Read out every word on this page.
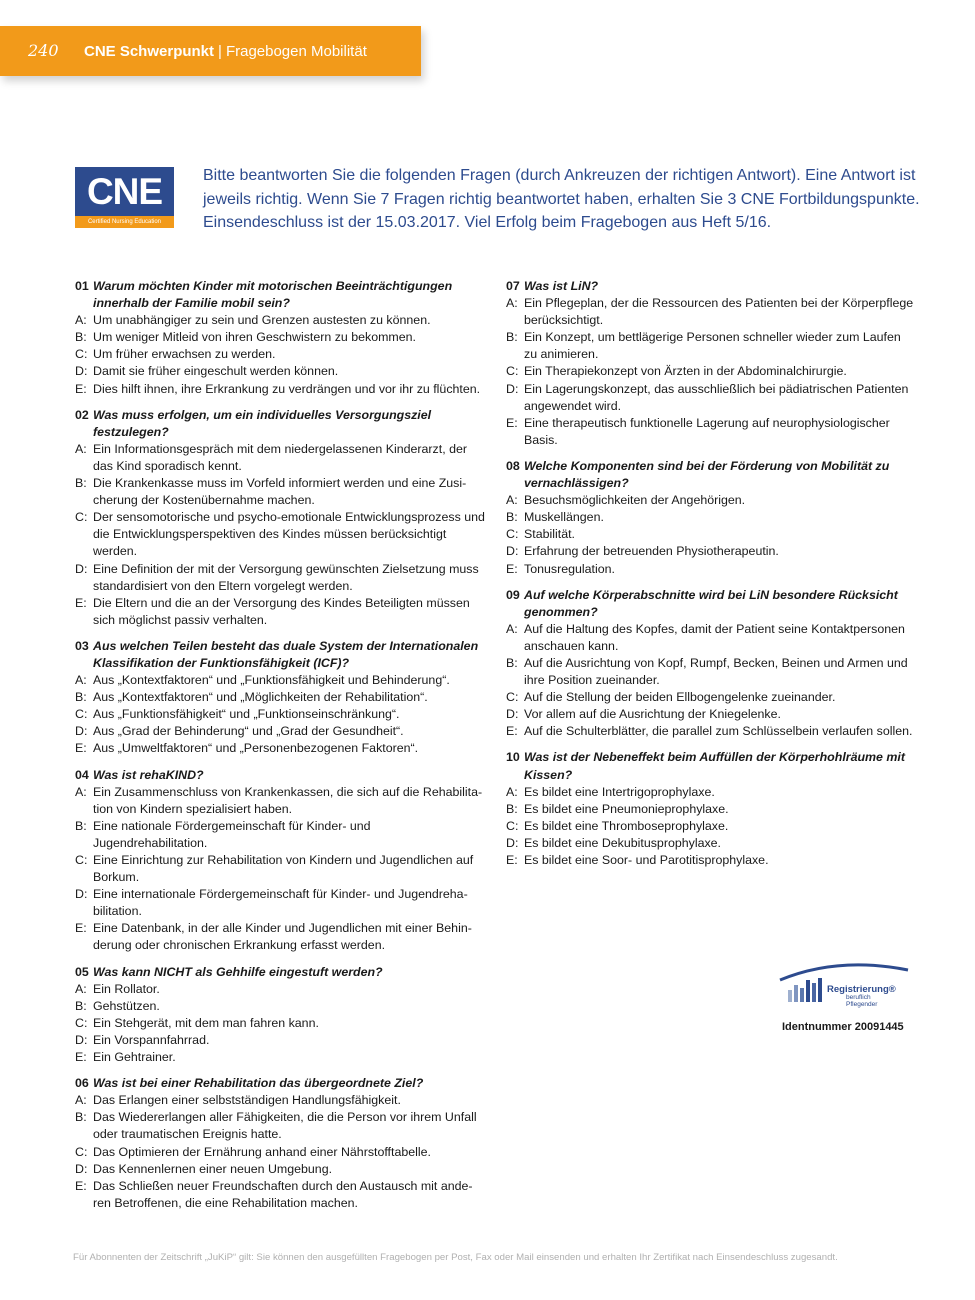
240 CNE Schwerpunkt | Fragebogen Mobilität
CNE
Certified Nursing Education
Bitte beantworten Sie die folgenden Fragen (durch Ankreuzen der richtigen Antwort). Eine Antwort ist jeweils richtig. Wenn Sie 7 Fragen richtig beantwortet haben, erhalten Sie 3 CNE Fortbildungspunkte. Einsendeschluss ist der 15.03.2017. Viel Erfolg beim Fragebogen aus Heft 5/16.
01 Warum möchten Kinder mit motorischen Beeinträchtigungen innerhalb der Familie mobil sein?
A: Um unabhängiger zu sein und Grenzen austesten zu können.
B: Um weniger Mitleid von ihren Geschwistern zu bekommen.
C: Um früher erwachsen zu werden.
D: Damit sie früher eingeschult werden können.
E: Dies hilft ihnen, ihre Erkrankung zu verdrängen und vor ihr zu flüchten.
02 Was muss erfolgen, um ein individuelles Versorgungsziel festzulegen?
A: Ein Informationsgespräch mit dem niedergelassenen Kinderarzt, der das Kind sporadisch kennt.
B: Die Krankenkasse muss im Vorfeld informiert werden und eine Zusicherung der Kostenübernahme machen.
C: Der sensomotorische und psycho-emotionale Entwicklungsprozess und die Entwicklungsperspektiven des Kindes müssen berücksichtigt werden.
D: Eine Definition der mit der Versorgung gewünschten Zielsetzung muss standardisiert von den Eltern vorgelegt werden.
E: Die Eltern und die an der Versorgung des Kindes Beteiligten müssen sich möglichst passiv verhalten.
03 Aus welchen Teilen besteht das duale System der Internationalen Klassifikation der Funktionsfähigkeit (ICF)?
A: Aus „Kontextfaktoren“ und „Funktionsfähigkeit und Behinderung“.
B: Aus „Kontextfaktoren“ und „Möglichkeiten der Rehabilitation“.
C: Aus „Funktionsfähigkeit“ und „Funktionseinschränkung“.
D: Aus „Grad der Behinderung“ und „Grad der Gesundheit“.
E: Aus „Umweltfaktoren“ und „Personenbezogenen Faktoren“.
04 Was ist rehaKIND?
A: Ein Zusammenschluss von Krankenkassen, die sich auf die Rehabilitation von Kindern spezialisiert haben.
B: Eine nationale Fördergemeinschaft für Kinder- und Jugendrehabilitation.
C: Eine Einrichtung zur Rehabilitation von Kindern und Jugendlichen auf Borkum.
D: Eine internationale Fördergemeinschaft für Kinder- und Jugendrehabilitation.
E: Eine Datenbank, in der alle Kinder und Jugendlichen mit einer Behinderung oder chronischen Erkrankung erfasst werden.
05 Was kann NICHT als Gehhilfe eingestuft werden?
A: Ein Rollator.
B: Gehstützen.
C: Ein Stehgerät, mit dem man fahren kann.
D: Ein Vorspannfahrrad.
E: Ein Gehtrainer.
06 Was ist bei einer Rehabilitation das übergeordnete Ziel?
A: Das Erlangen einer selbstständigen Handlungsfähigkeit.
B: Das Wiedererlangen aller Fähigkeiten, die die Person vor ihrem Unfall oder traumatischen Ereignis hatte.
C: Das Optimieren der Ernährung anhand einer Nährstofftabelle.
D: Das Kennenlernen einer neuen Umgebung.
E: Das Schließen neuer Freundschaften durch den Austausch mit anderen Betroffenen, die eine Rehabilitation machen.
07 Was ist LiN?
A: Ein Pflegeplan, der die Ressourcen des Patienten bei der Körperpflege berücksichtigt.
B: Ein Konzept, um bettlägerige Personen schneller wieder zum Laufen zu animieren.
C: Ein Therapiekonzept von Ärzten in der Abdominalchirurgie.
D: Ein Lagerungskonzept, das ausschließlich bei pädiatrischen Patienten angewendet wird.
E: Eine therapeutisch funktionelle Lagerung auf neurophysiologischer Basis.
08 Welche Komponenten sind bei der Förderung von Mobilität zu vernachlässigen?
A: Besuchsmöglichkeiten der Angehörigen.
B: Muskellängen.
C: Stabilität.
D: Erfahrung der betreuenden Physiotherapeutin.
E: Tonusregulation.
09 Auf welche Körperabschnitte wird bei LiN besondere Rücksicht genommen?
A: Auf die Haltung des Kopfes, damit der Patient seine Kontaktpersonen anschauen kann.
B: Auf die Ausrichtung von Kopf, Rumpf, Becken, Beinen und Armen und ihre Position zueinander.
C: Auf die Stellung der beiden Ellbogengelenke zueinander.
D: Vor allem auf die Ausrichtung der Kniegelenke.
E: Auf die Schulterblätter, die parallel zum Schlüsselbein verlaufen sollen.
10 Was ist der Nebeneffekt beim Auffüllen der Körperhohlräume mit Kissen?
A: Es bildet eine Intertrigoprophylaxe.
B: Es bildet eine Pneumonieprophylaxe.
C: Es bildet eine Thromboseprophylaxe.
D: Es bildet eine Dekubitusprophylaxe.
E: Es bildet eine Soor- und Parotitisprophylaxe.
Registrierung®
beruflich
Pflegender
Identnummer 20091445
Für Abonnenten der Zeitschrift „JuKiP“ gilt: Sie können den ausgefüllten Fragebogen per Post, Fax oder Mail einsenden und erhalten Ihr Zertifikat nach Einsendeschluss zugesandt.
